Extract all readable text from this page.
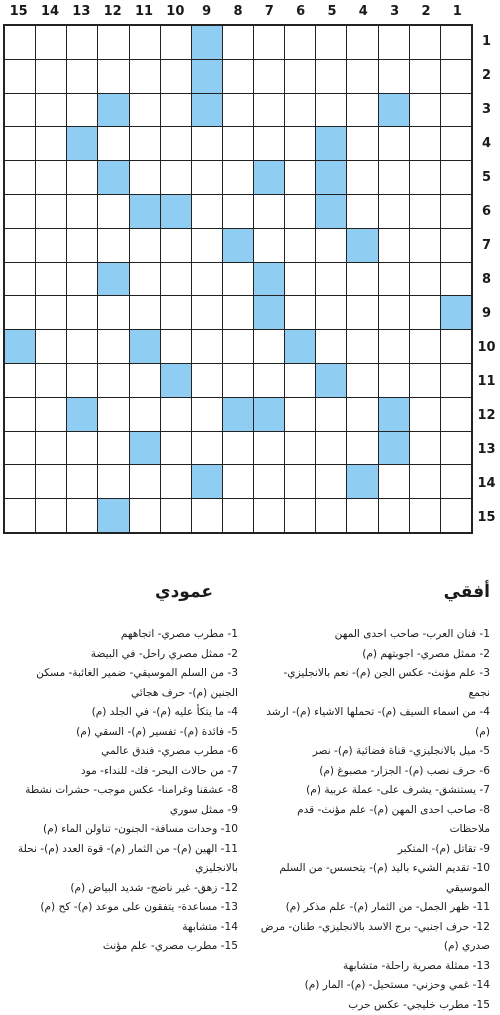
15	14	13	12	11	10	9	8	7	6	5	4	3	2	1
1
2
3
4
5
6
7
8
9
10
11
12
13
14
15
أفقي
عمودي
1- فنان العرب- صاحب احدى المهن
2- ممثل مصري- اجوبتهم (م)
3- علم مؤنث- عكس الجن (م)- نعم بالانجليزي- نجمع
4- من اسماء السيف (م)- تحملها الاشياء (م)- ارشد (م)
5- ميل بالانجليزي- قناة فضائية (م)- نصر
6- حرف نصب (م)- الجزار- مصبوغ (م)
7- يستنشق- يشرف على- عملة عربية (م)
8- صاحب احدى المهن (م)- علم مؤنث- قدم ملاحظات
9- تقاتل (م)- المتكبر
10- تقديم الشيء باليد (م)- يتحسس- من السلم الموسيقي
11- ظهر الجمل- من الثمار (م)- علم مذكر (م)
12- حرف اجنبي- برج الاسد بالانجليزي- طنان- مرض صدري (م)
13- ممثلة مصرية راحلة- متشابهة
14- غمي وحزني- مستحيل- (م)- المار (م)
15- مطرب خليجي- عكس حرب
1- مطرب مصري- اتجاههم
2- ممثل مصري راحل- في البيضة
3- من السلم الموسيقي- ضمير الغائبة- مسكن الجنين (م)- حرف هجائي
4- ما يتكأ عليه (م)- في الجلد (م)
5- فائدة (م)- تفسير (م)- السقي (م)
6- مطرب مصري- فندق عالمي
7- من حالات البحر- فك- للنداء- مود
8- عشقنا وغرامنا- عكس موجب- حشرات نشطة
9- ممثل سوري
10- وحدات مسافة- الجنون- تناولن الماء (م)
11- الهين (م)- من الثمار (م)- قوة العدد (م)- نحلة بالانجليزي
12- زهق- غير ناضج- شديد البياض (م)
13- مساعدة- يتفقون على موعد (م)- كح (م)
14- متشابهة
15- مطرب مصري- علم مؤنث
